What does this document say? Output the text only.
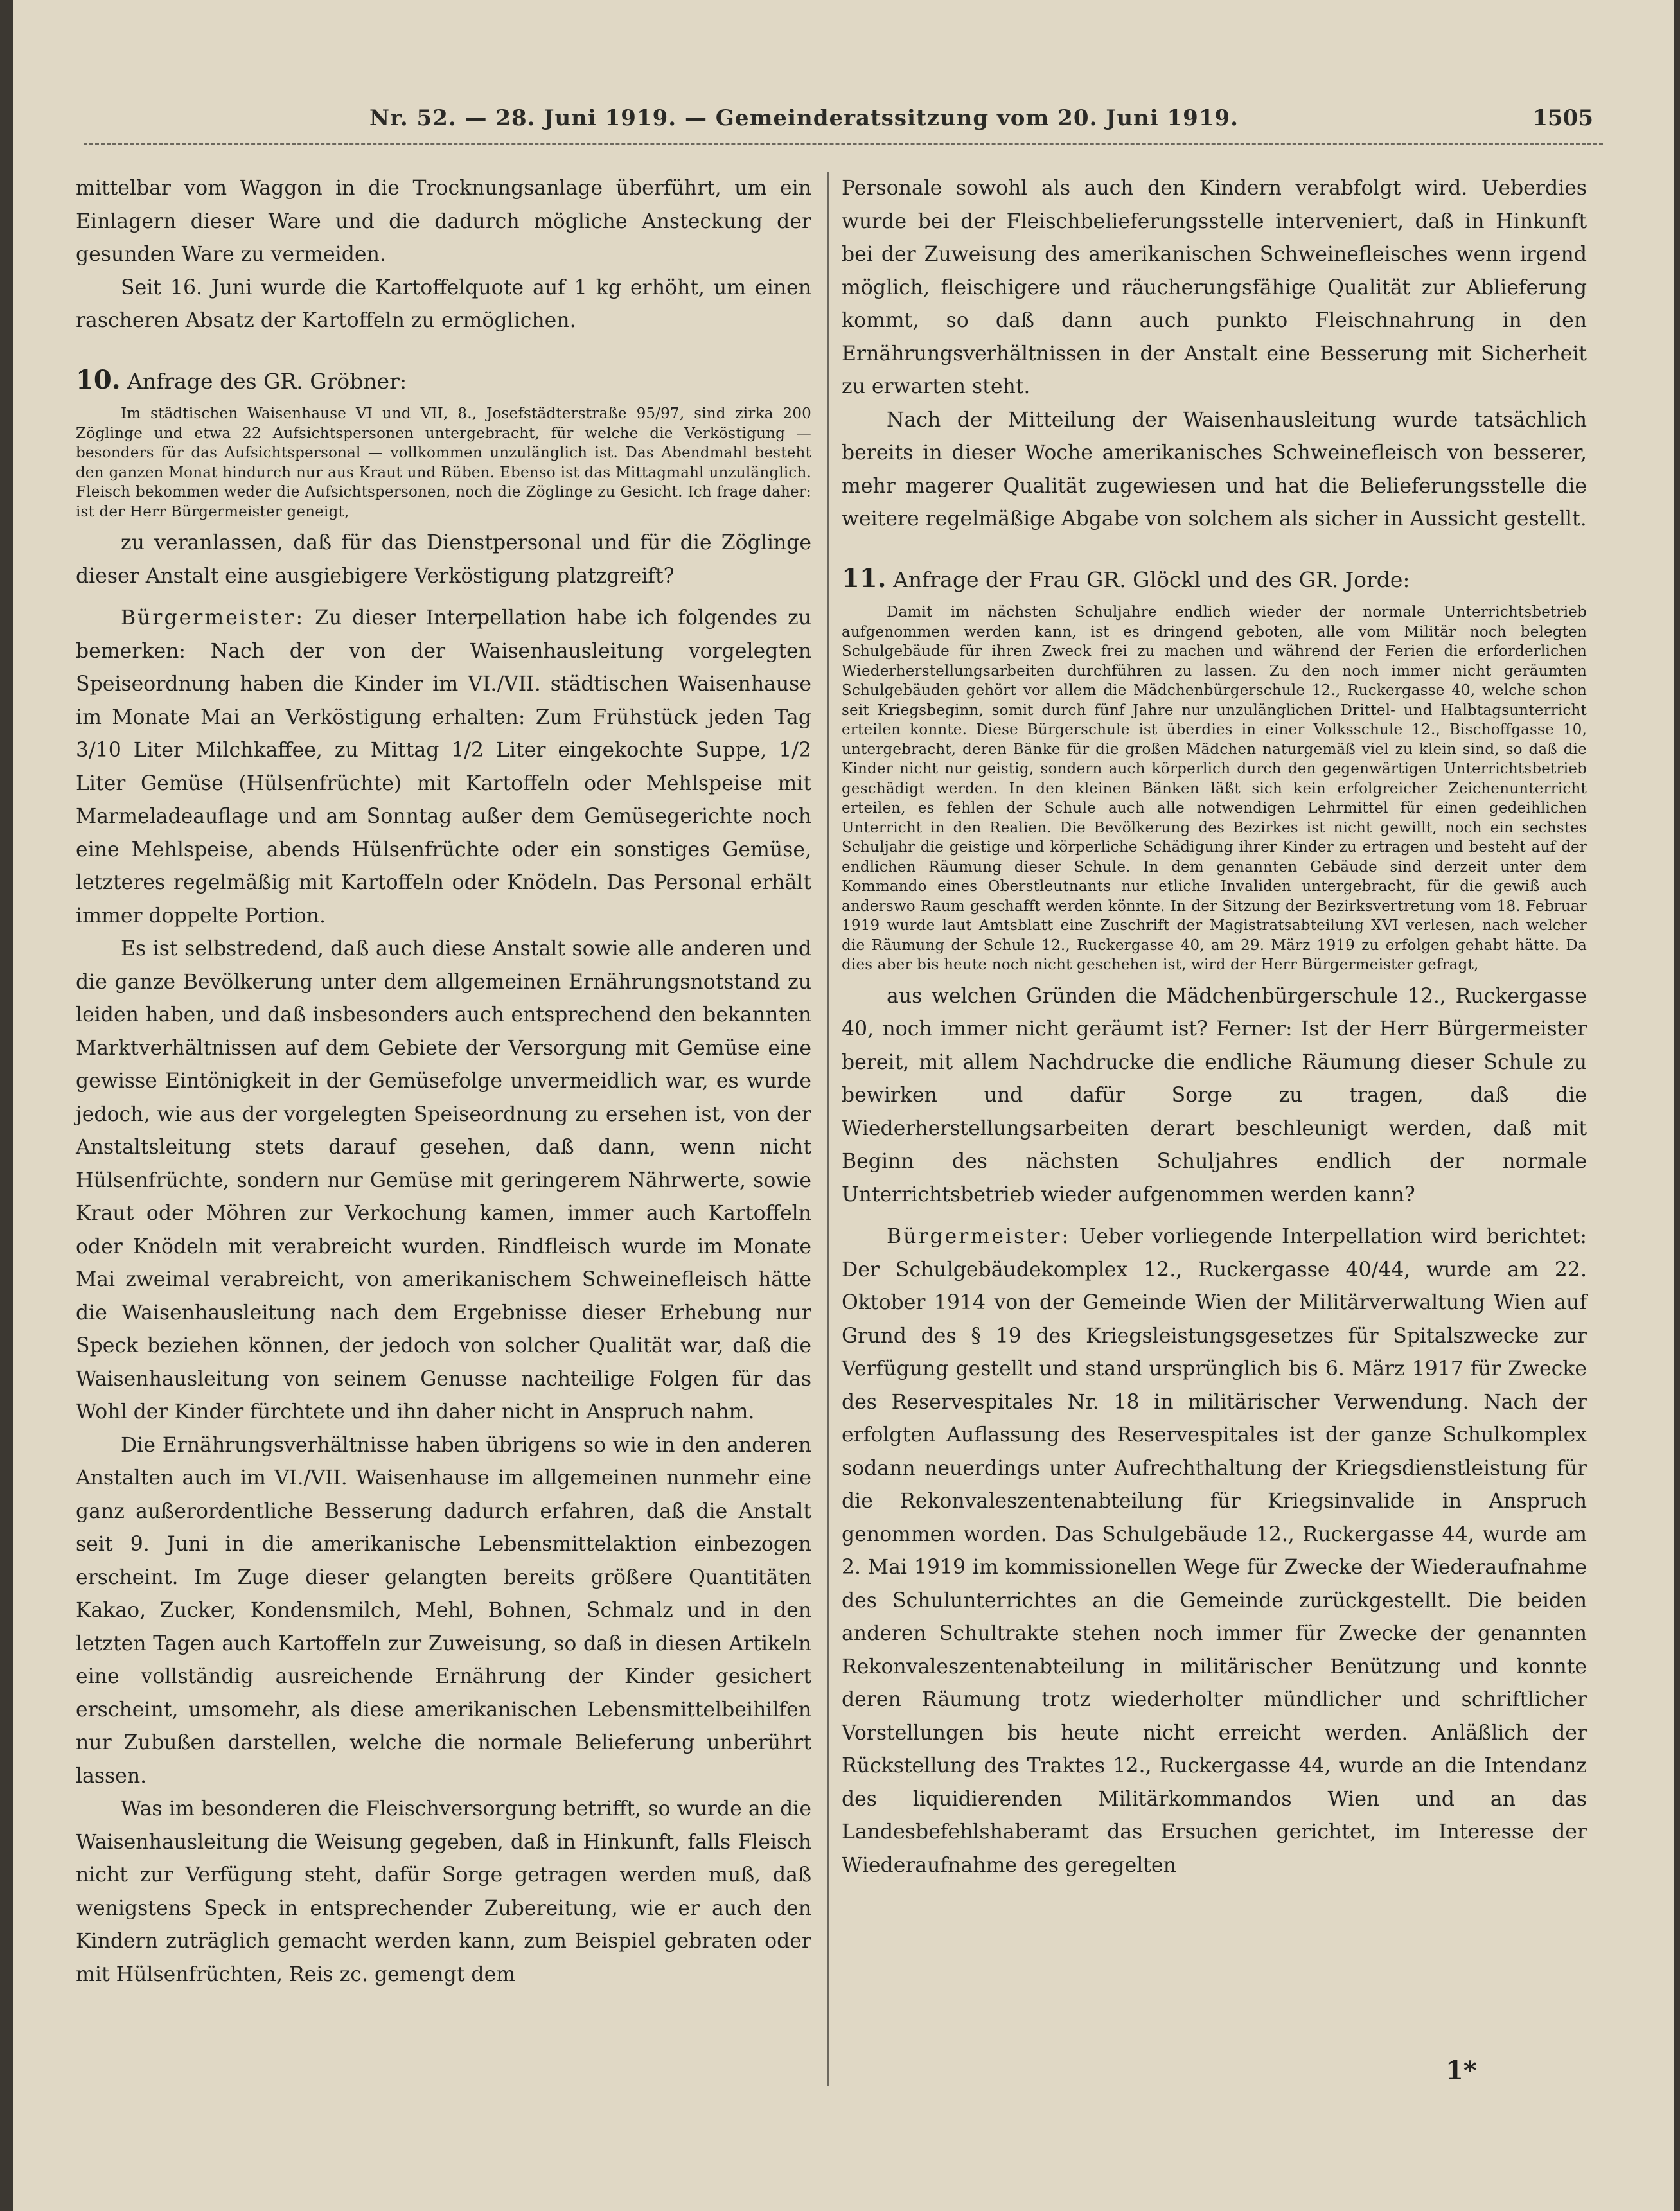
Nr. 52. — 28. Juni 1919. — Gemeinderatssitzung vom 20. Juni 1919.	1505

mittelbar vom Waggon in die Trocknungsanlage überführt, um ein Einlagern dieser Ware und die dadurch mögliche Ansteckung der gesunden Ware zu vermeiden.

Seit 16. Juni wurde die Kartoffelquote auf 1 kg erhöht, um einen rascheren Absatz der Kartoffeln zu ermöglichen.

10. Anfrage des GR. Gröbner:

Im städtischen Waisenhause VI und VII, 8., Josefstädterstraße 95/97, sind zirka 200 Zöglinge und etwa 22 Aufsichtspersonen untergebracht, für welche die Verköstigung — besonders für das Aufsichtspersonal — vollkommen unzulänglich ist. Das Abendmahl besteht den ganzen Monat hindurch nur aus Kraut und Rüben. Ebenso ist das Mittagmahl unzulänglich. Fleisch bekommen weder die Aufsichtspersonen, noch die Zöglinge zu Gesicht. Ich frage daher: ist der Herr Bürgermeister geneigt,

zu veranlassen, daß für das Dienstpersonal und für die Zöglinge dieser Anstalt eine ausgiebigere Verköstigung platzgreift?

Bürgermeister: Zu dieser Interpellation habe ich folgendes zu bemerken: Nach der von der Waisenhausleitung vorgelegten Speiseordnung haben die Kinder im VI./VII. städtischen Waisenhause im Monate Mai an Verköstigung erhalten: Zum Frühstück jeden Tag 3/10 Liter Milchkaffee, zu Mittag 1/2 Liter eingekochte Suppe, 1/2 Liter Gemüse (Hülsenfrüchte) mit Kartoffeln oder Mehlspeise mit Marmeladeauflage und am Sonntag außer dem Gemüsegerichte noch eine Mehlspeise, abends Hülsenfrüchte oder ein sonstiges Gemüse, letzteres regelmäßig mit Kartoffeln oder Knödeln. Das Personal erhält immer doppelte Portion.

Es ist selbstredend, daß auch diese Anstalt sowie alle anderen und die ganze Bevölkerung unter dem allgemeinen Ernährungsnotstand zu leiden haben, und daß insbesonders auch entsprechend den bekannten Marktverhältnissen auf dem Gebiete der Versorgung mit Gemüse eine gewisse Eintönigkeit in der Gemüsefolge unvermeidlich war, es wurde jedoch, wie aus der vorgelegten Speiseordnung zu ersehen ist, von der Anstaltsleitung stets darauf gesehen, daß dann, wenn nicht Hülsenfrüchte, sondern nur Gemüse mit geringerem Nährwerte, sowie Kraut oder Möhren zur Verkochung kamen, immer auch Kartoffeln oder Knödeln mit verabreicht wurden. Rindfleisch wurde im Monate Mai zweimal verabreicht, von amerikanischem Schweinefleisch hätte die Waisenhausleitung nach dem Ergebnisse dieser Erhebung nur Speck beziehen können, der jedoch von solcher Qualität war, daß die Waisenhausleitung von seinem Genusse nachteilige Folgen für das Wohl der Kinder fürchtete und ihn daher nicht in Anspruch nahm.

Die Ernährungsverhältnisse haben übrigens so wie in den anderen Anstalten auch im VI./VII. Waisenhause im allgemeinen nunmehr eine ganz außerordentliche Besserung dadurch erfahren, daß die Anstalt seit 9. Juni in die amerikanische Lebensmittelaktion einbezogen erscheint. Im Zuge dieser gelangten bereits größere Quantitäten Kakao, Zucker, Kondensmilch, Mehl, Bohnen, Schmalz und in den letzten Tagen auch Kartoffeln zur Zuweisung, so daß in diesen Artikeln eine vollständig ausreichende Ernährung der Kinder gesichert erscheint, umsomehr, als diese amerikanischen Lebensmittelbeihilfen nur Zubußen darstellen, welche die normale Belieferung unberührt lassen.

Was im besonderen die Fleischversorgung betrifft, so wurde an die Waisenhausleitung die Weisung gegeben, daß in Hinkunft, falls Fleisch nicht zur Verfügung steht, dafür Sorge getragen werden muß, daß wenigstens Speck in entsprechender Zubereitung, wie er auch den Kindern zuträglich gemacht werden kann, zum Beispiel gebraten oder mit Hülsenfrüchten, Reis zc. gemengt dem

Personale sowohl als auch den Kindern verabfolgt wird. Ueberdies wurde bei der Fleischbelieferungsstelle interveniert, daß in Hinkunft bei der Zuweisung des amerikanischen Schweinefleisches wenn irgend möglich, fleischigere und räucherungsfähige Qualität zur Ablieferung kommt, so daß dann auch punkto Fleischnahrung in den Ernährungsverhältnissen in der Anstalt eine Besserung mit Sicherheit zu erwarten steht.

Nach der Mitteilung der Waisenhausleitung wurde tatsächlich bereits in dieser Woche amerikanisches Schweinefleisch von besserer, mehr magerer Qualität zugewiesen und hat die Belieferungsstelle die weitere regelmäßige Abgabe von solchem als sicher in Aussicht gestellt.

11. Anfrage der Frau GR. Glöckl und des GR. Jorde:

Damit im nächsten Schuljahre endlich wieder der normale Unterrichtsbetrieb aufgenommen werden kann, ist es dringend geboten, alle vom Militär noch belegten Schulgebäude für ihren Zweck frei zu machen und während der Ferien die erforderlichen Wiederherstellungsarbeiten durchführen zu lassen. Zu den noch immer nicht geräumten Schulgebäuden gehört vor allem die Mädchenbürgerschule 12., Ruckergasse 40, welche schon seit Kriegsbeginn, somit durch fünf Jahre nur unzulänglichen Drittel- und Halbtagsunterricht erteilen konnte. Diese Bürgerschule ist überdies in einer Volksschule 12., Bischoffgasse 10, untergebracht, deren Bänke für die großen Mädchen naturgemäß viel zu klein sind, so daß die Kinder nicht nur geistig, sondern auch körperlich durch den gegenwärtigen Unterrichtsbetrieb geschädigt werden. In den kleinen Bänken läßt sich kein erfolgreicher Zeichenunterricht erteilen, es fehlen der Schule auch alle notwendigen Lehrmittel für einen gedeihlichen Unterricht in den Realien. Die Bevölkerung des Bezirkes ist nicht gewillt, noch ein sechstes Schuljahr die geistige und körperliche Schädigung ihrer Kinder zu ertragen und besteht auf der endlichen Räumung dieser Schule. In dem genannten Gebäude sind derzeit unter dem Kommando eines Oberstleutnants nur etliche Invaliden untergebracht, für die gewiß auch anderswo Raum geschafft werden könnte. In der Sitzung der Bezirksvertretung vom 18. Februar 1919 wurde laut Amtsblatt eine Zuschrift der Magistratsabteilung XVI verlesen, nach welcher die Räumung der Schule 12., Ruckergasse 40, am 29. März 1919 zu erfolgen gehabt hätte. Da dies aber bis heute noch nicht geschehen ist, wird der Herr Bürgermeister gefragt,

aus welchen Gründen die Mädchenbürgerschule 12., Ruckergasse 40, noch immer nicht geräumt ist? Ferner: Ist der Herr Bürgermeister bereit, mit allem Nachdrucke die endliche Räumung dieser Schule zu bewirken und dafür Sorge zu tragen, daß die Wiederherstellungsarbeiten derart beschleunigt werden, daß mit Beginn des nächsten Schuljahres endlich der normale Unterrichtsbetrieb wieder aufgenommen werden kann?

Bürgermeister: Ueber vorliegende Interpellation wird berichtet: Der Schulgebäudekomplex 12., Ruckergasse 40/44, wurde am 22. Oktober 1914 von der Gemeinde Wien der Militärverwaltung Wien auf Grund des § 19 des Kriegsleistungsgesetzes für Spitalszwecke zur Verfügung gestellt und stand ursprünglich bis 6. März 1917 für Zwecke des Reservespitales Nr. 18 in militärischer Verwendung. Nach der erfolgten Auflassung des Reservespitales ist der ganze Schulkomplex sodann neuerdings unter Aufrechthaltung der Kriegsdienstleistung für die Rekonvaleszentenabteilung für Kriegsinvalide in Anspruch genommen worden. Das Schulgebäude 12., Ruckergasse 44, wurde am 2. Mai 1919 im kommissionellen Wege für Zwecke der Wiederaufnahme des Schulunterrichtes an die Gemeinde zurückgestellt. Die beiden anderen Schultrakte stehen noch immer für Zwecke der genannten Rekonvaleszentenabteilung in militärischer Benützung und konnte deren Räumung trotz wiederholter mündlicher und schriftlicher Vorstellungen bis heute nicht erreicht werden. Anläßlich der Rückstellung des Traktes 12., Ruckergasse 44, wurde an die Intendanz des liquidierenden Militärkommandos Wien und an das Landesbefehlshaberamt das Ersuchen gerichtet, im Interesse der Wiederaufnahme des geregelten

1*
